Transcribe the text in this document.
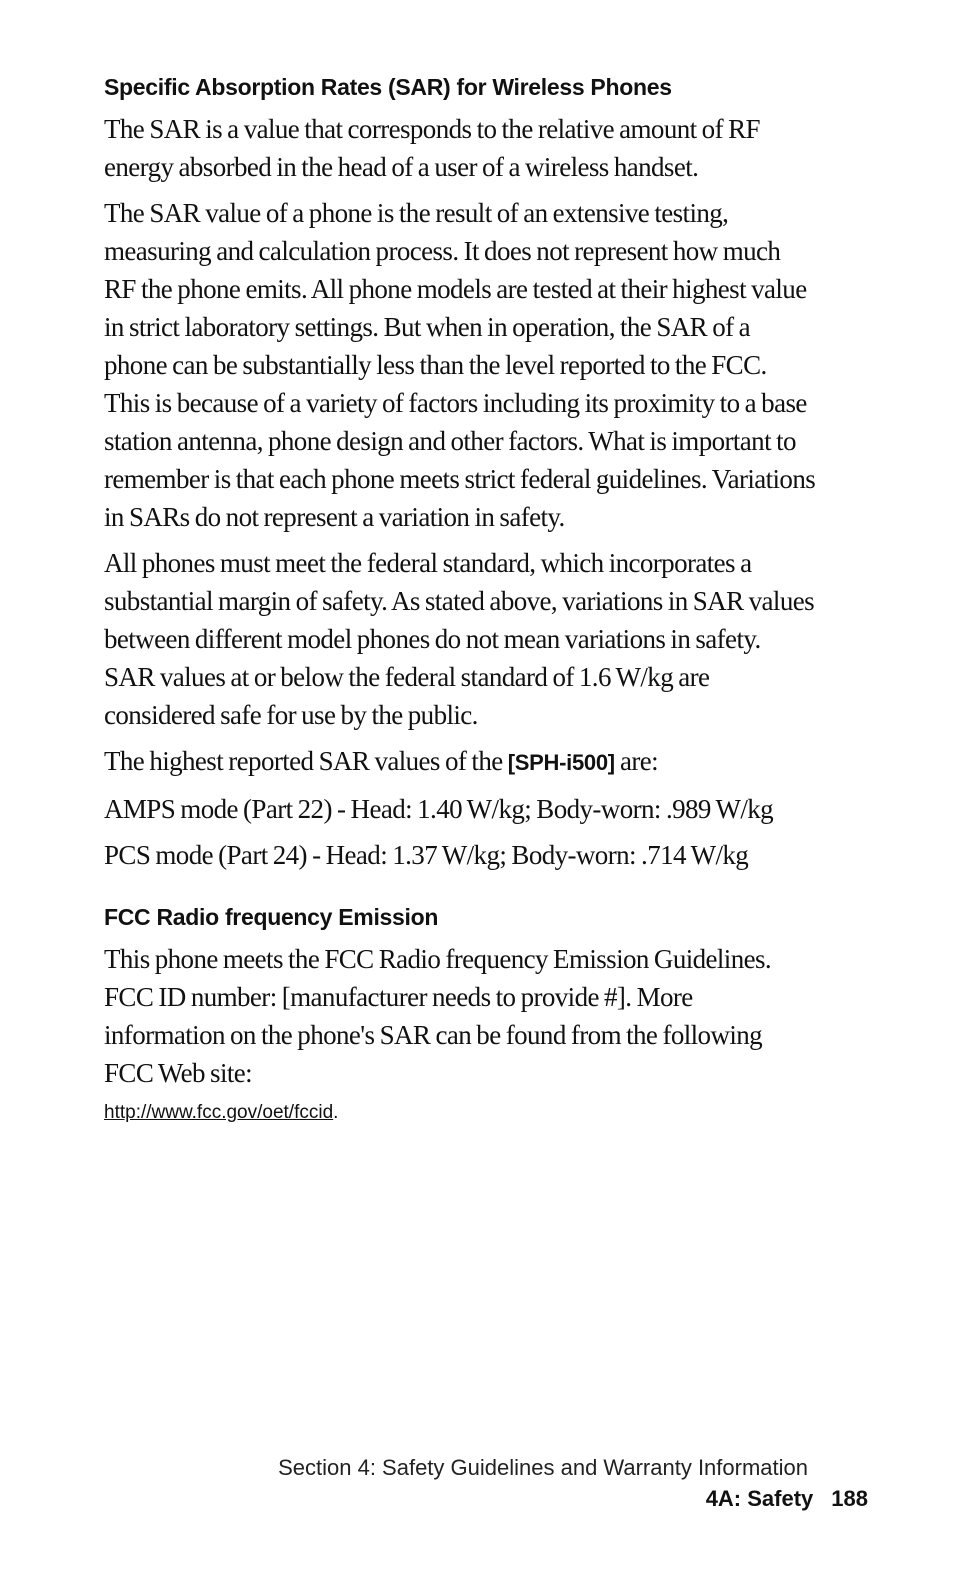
Specific Absorption Rates (SAR) for Wireless Phones

The SAR is a value that corresponds to the relative amount of RF energy absorbed in the head of a user of a wireless handset.

The SAR value of a phone is the result of an extensive testing, measuring and calculation process. It does not represent how much RF the phone emits. All phone models are tested at their highest value in strict laboratory settings. But when in operation, the SAR of a phone can be substantially less than the level reported to the FCC. This is because of a variety of factors including its proximity to a base station antenna, phone design and other factors. What is important to remember is that each phone meets strict federal guidelines. Variations in SARs do not represent a variation in safety.

All phones must meet the federal standard, which incorporates a substantial margin of safety. As stated above, variations in SAR values between different model phones do not mean variations in safety. SAR values at or below the federal standard of 1.6 W/kg are considered safe for use by the public.

The highest reported SAR values of the [SPH-i500] are:

AMPS mode (Part 22) - Head: 1.40 W/kg; Body-worn: .989 W/kg

PCS mode (Part 24) - Head: 1.37 W/kg; Body-worn: .714 W/kg

FCC Radio frequency Emission

This phone meets the FCC Radio frequency Emission Guidelines. FCC ID number: [manufacturer needs to provide #]. More information on the phone's SAR can be found from the following FCC Web site:

http://www.fcc.gov/oet/fccid.

Section 4: Safety Guidelines and Warranty Information
4A: Safety 188
